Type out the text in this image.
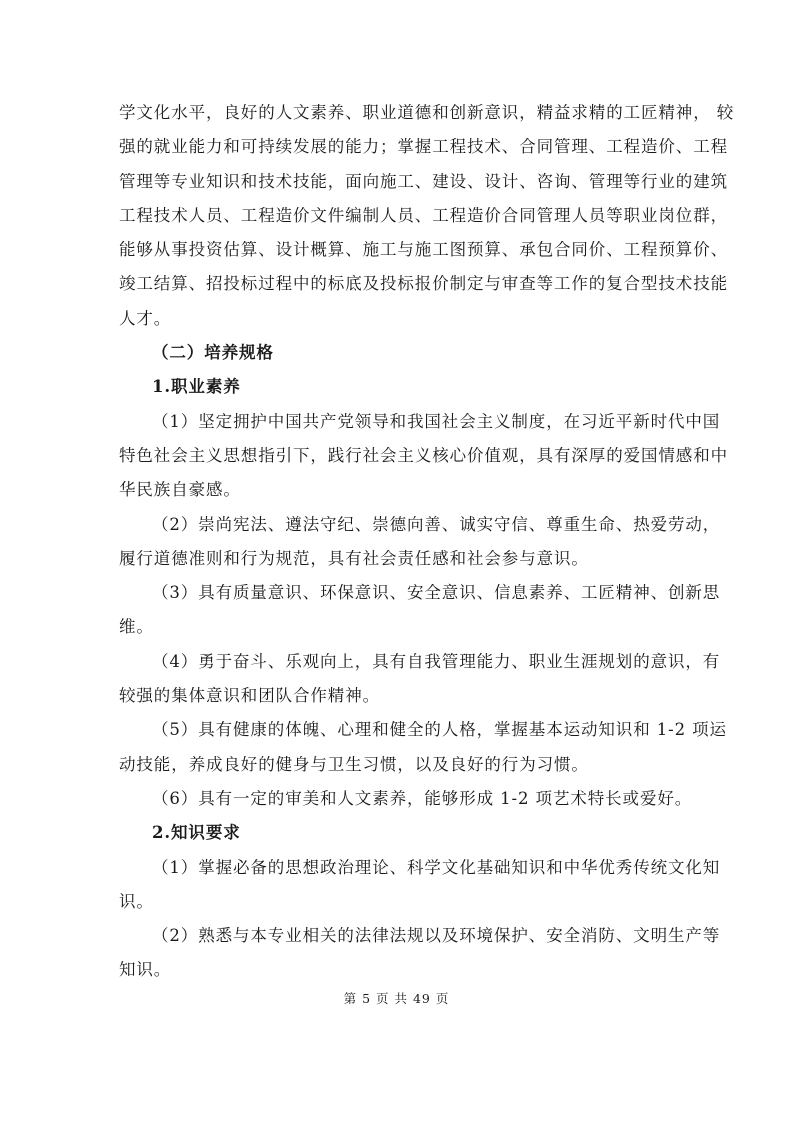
学文化水平，良好的人文素养、职业道德和创新意识，精益求精的工匠精神， 较
强的就业能力和可持续发展的能力；掌握工程技术、合同管理、工程造价、工程
管理等专业知识和技术技能，面向施工、建设、设计、咨询、管理等行业的建筑
工程技术人员、工程造价文件编制人员、工程造价合同管理人员等职业岗位群，
能够从事投资估算、设计概算、施工与施工图预算、承包合同价、工程预算价、
竣工结算、招投标过程中的标底及投标报价制定与审查等工作的复合型技术技能
人才。
（二）培养规格
1.职业素养
（1）坚定拥护中国共产党领导和我国社会主义制度，在习近平新时代中国
特色社会主义思想指引下，践行社会主义核心价值观，具有深厚的爱国情感和中
华民族自豪感。
（2）崇尚宪法、遵法守纪、崇德向善、诚实守信、尊重生命、热爱劳动，
履行道德准则和行为规范，具有社会责任感和社会参与意识。
（3）具有质量意识、环保意识、安全意识、信息素养、工匠精神、创新思
维。
（4）勇于奋斗、乐观向上，具有自我管理能力、职业生涯规划的意识，有
较强的集体意识和团队合作精神。
（5）具有健康的体魄、心理和健全的人格，掌握基本运动知识和 1-2 项运
动技能，养成良好的健身与卫生习惯，以及良好的行为习惯。
（6）具有一定的审美和人文素养，能够形成 1-2 项艺术特长或爱好。
2.知识要求
（1）掌握必备的思想政治理论、科学文化基础知识和中华优秀传统文化知
识。
（2）熟悉与本专业相关的法律法规以及环境保护、安全消防、文明生产等
知识。
第 5 页 共 49 页
